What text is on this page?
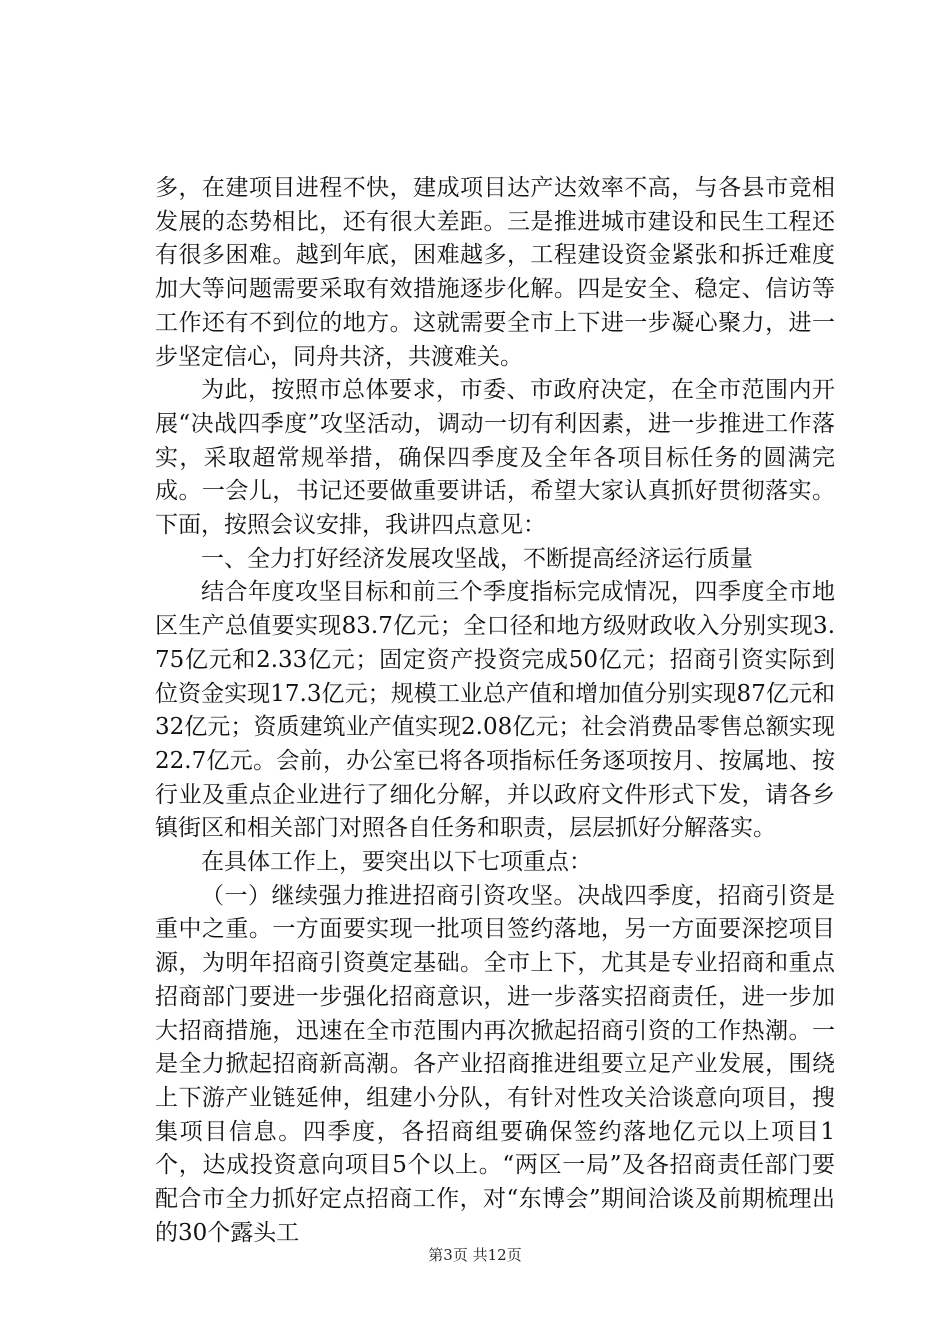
多，在建项目进程不快，建成项目达产达效率不高，与各县市竞相发展的态势相比，还有很大差距。三是推进城市建设和民生工程还有很多困难。越到年底，困难越多，工程建设资金紧张和拆迁难度加大等问题需要采取有效措施逐步化解。四是安全、稳定、信访等工作还有不到位的地方。这就需要全市上下进一步凝心聚力，进一步坚定信心，同舟共济，共渡难关。

为此，按照市总体要求，市委、市政府决定，在全市范围内开展“决战四季度”攻坚活动，调动一切有利因素，进一步推进工作落实，采取超常规举措，确保四季度及全年各项目标任务的圆满完成。一会儿，书记还要做重要讲话，希望大家认真抓好贯彻落实。下面，按照会议安排，我讲四点意见：

一、全力打好经济发展攻坚战，不断提高经济运行质量

结合年度攻坚目标和前三个季度指标完成情况，四季度全市地区生产总值要实现83.7亿元；全口径和地方级财政收入分别实现3.75亿元和2.33亿元；固定资产投资完成50亿元；招商引资实际到位资金实现17.3亿元；规模工业总产值和增加值分别实现87亿元和32亿元；资质建筑业产值实现2.08亿元；社会消费品零售总额实现22.7亿元。会前，办公室已将各项指标任务逐项按月、按属地、按行业及重点企业进行了细化分解，并以政府文件形式下发，请各乡镇街区和相关部门对照各自任务和职责，层层抓好分解落实。

在具体工作上，要突出以下七项重点：

（一）继续强力推进招商引资攻坚。决战四季度，招商引资是重中之重。一方面要实现一批项目签约落地，另一方面要深挖项目源，为明年招商引资奠定基础。全市上下，尤其是专业招商和重点招商部门要进一步强化招商意识，进一步落实招商责任，进一步加大招商措施，迅速在全市范围内再次掀起招商引资的工作热潮。一是全力掀起招商新高潮。各产业招商推进组要立足产业发展，围绕上下游产业链延伸，组建小分队，有针对性攻关洽谈意向项目，搜集项目信息。四季度，各招商组要确保签约落地亿元以上项目1个，达成投资意向项目5个以上。“两区一局”及各招商责任部门要配合市全力抓好定点招商工作，对“东博会”期间洽谈及前期梳理出的30个露头工

第3页 共12页
